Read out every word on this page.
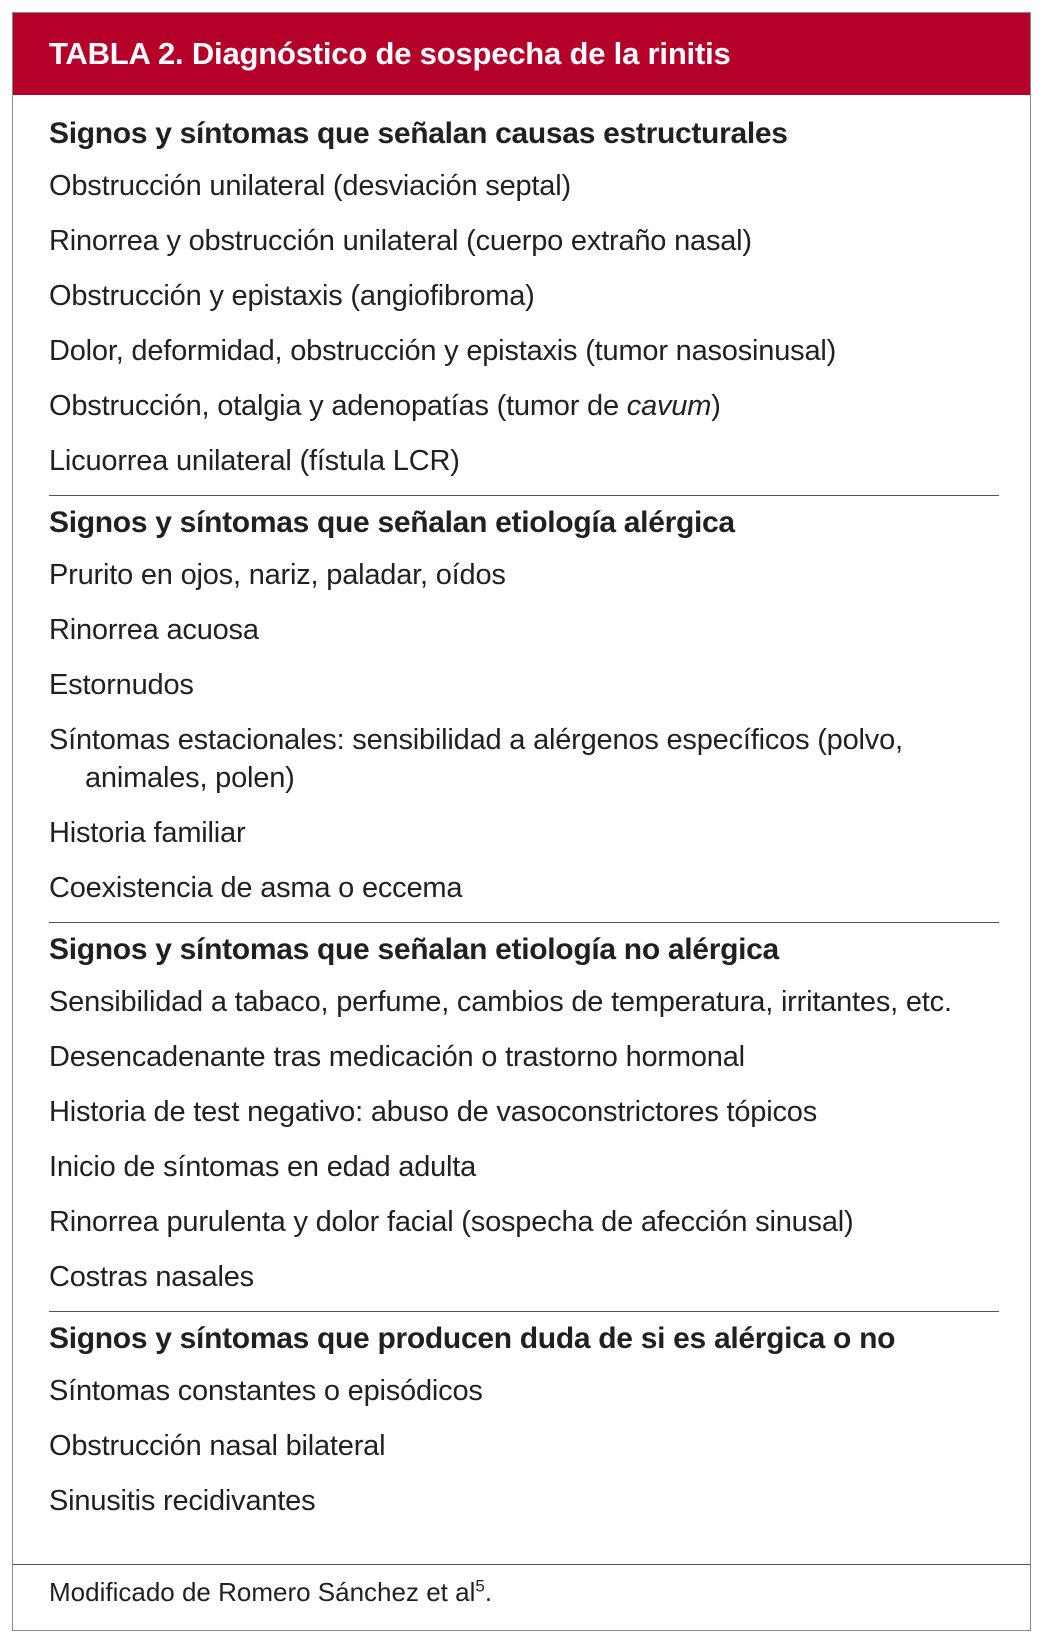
TABLA 2. Diagnóstico de sospecha de la rinitis
Signos y síntomas que señalan causas estructurales
Obstrucción unilateral (desviación septal)
Rinorrea y obstrucción unilateral (cuerpo extraño nasal)
Obstrucción y epistaxis (angiofibroma)
Dolor, deformidad, obstrucción y epistaxis (tumor nasosinusal)
Obstrucción, otalgia y adenopatías (tumor de cavum)
Licuorrea unilateral (fístula LCR)
Signos y síntomas que señalan etiología alérgica
Prurito en ojos, nariz, paladar, oídos
Rinorrea acuosa
Estornudos
Síntomas estacionales: sensibilidad a alérgenos específicos (polvo, animales, polen)
Historia familiar
Coexistencia de asma o eccema
Signos y síntomas que señalan etiología no alérgica
Sensibilidad a tabaco, perfume, cambios de temperatura, irritantes, etc.
Desencadenante tras medicación o trastorno hormonal
Historia de test negativo: abuso de vasoconstrictores tópicos
Inicio de síntomas en edad adulta
Rinorrea purulenta y dolor facial (sospecha de afección sinusal)
Costras nasales
Signos y síntomas que producen duda de si es alérgica o no
Síntomas constantes o episódicos
Obstrucción nasal bilateral
Sinusitis recidivantes
Modificado de Romero Sánchez et $al^5$.
